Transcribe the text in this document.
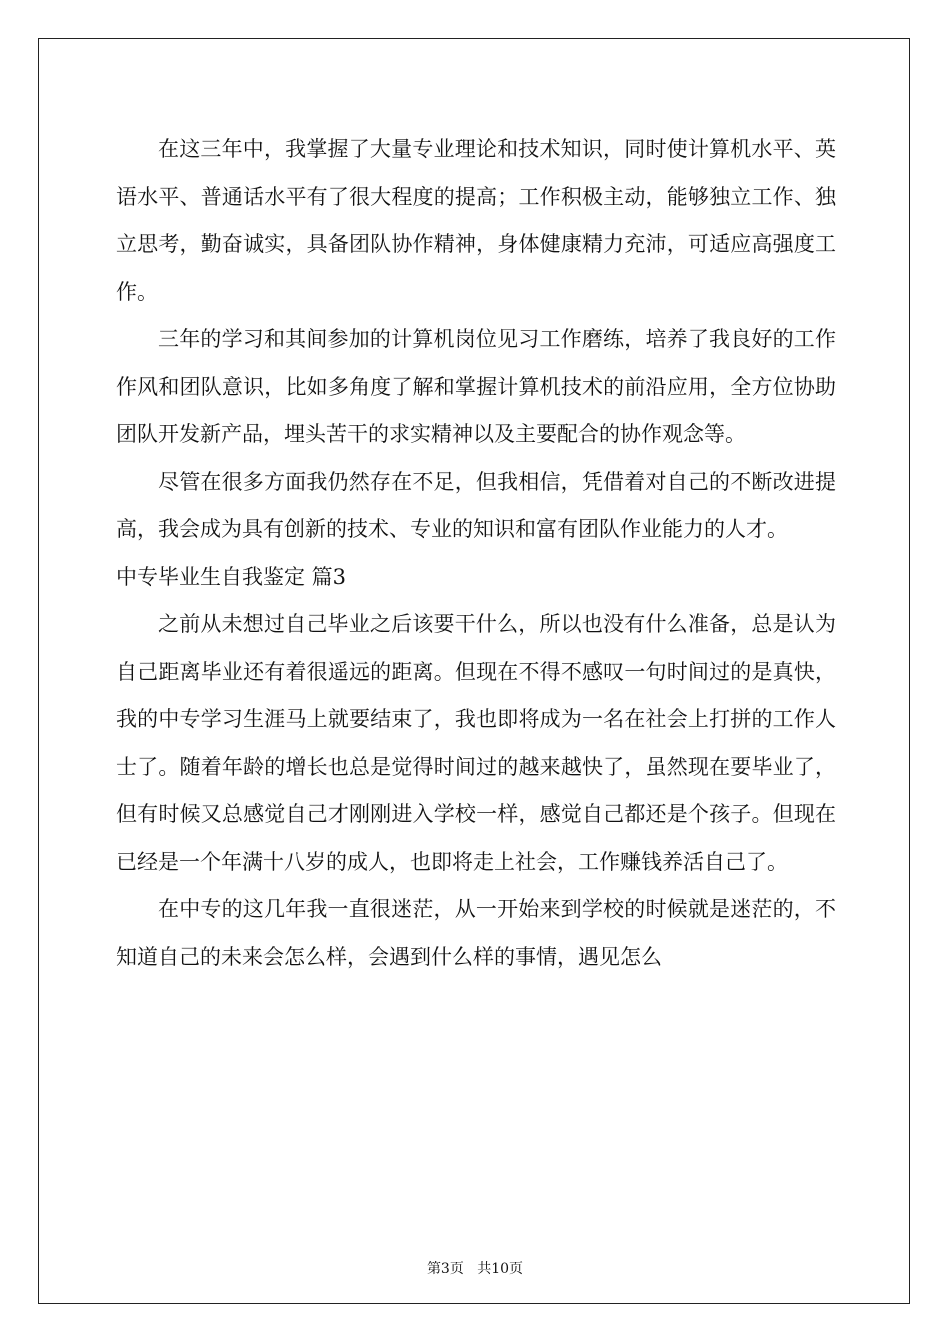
在这三年中，我掌握了大量专业理论和技术知识，同时使计算机水平、英语水平、普通话水平有了很大程度的提高；工作积极主动，能够独立工作、独立思考，勤奋诚实，具备团队协作精神，身体健康精力充沛，可适应高强度工作。

三年的学习和其间参加的计算机岗位见习工作磨练，培养了我良好的工作作风和团队意识，比如多角度了解和掌握计算机技术的前沿应用，全方位协助团队开发新产品，埋头苦干的求实精神以及主要配合的协作观念等。

尽管在很多方面我仍然存在不足，但我相信，凭借着对自己的不断改进提高，我会成为具有创新的技术、专业的知识和富有团队作业能力的人才。

中专毕业生自我鉴定 篇3

之前从未想过自己毕业之后该要干什么，所以也没有什么准备，总是认为自己距离毕业还有着很遥远的距离。但现在不得不感叹一句时间过的是真快，我的中专学习生涯马上就要结束了，我也即将成为一名在社会上打拼的工作人士了。随着年龄的增长也总是觉得时间过的越来越快了，虽然现在要毕业了，但有时候又总感觉自己才刚刚进入学校一样，感觉自己都还是个孩子。但现在已经是一个年满十八岁的成人，也即将走上社会，工作赚钱养活自己了。

在中专的这几年我一直很迷茫，从一开始来到学校的时候就是迷茫的，不知道自己的未来会怎么样，会遇到什么样的事情，遇见怎么

第3页 共10页
